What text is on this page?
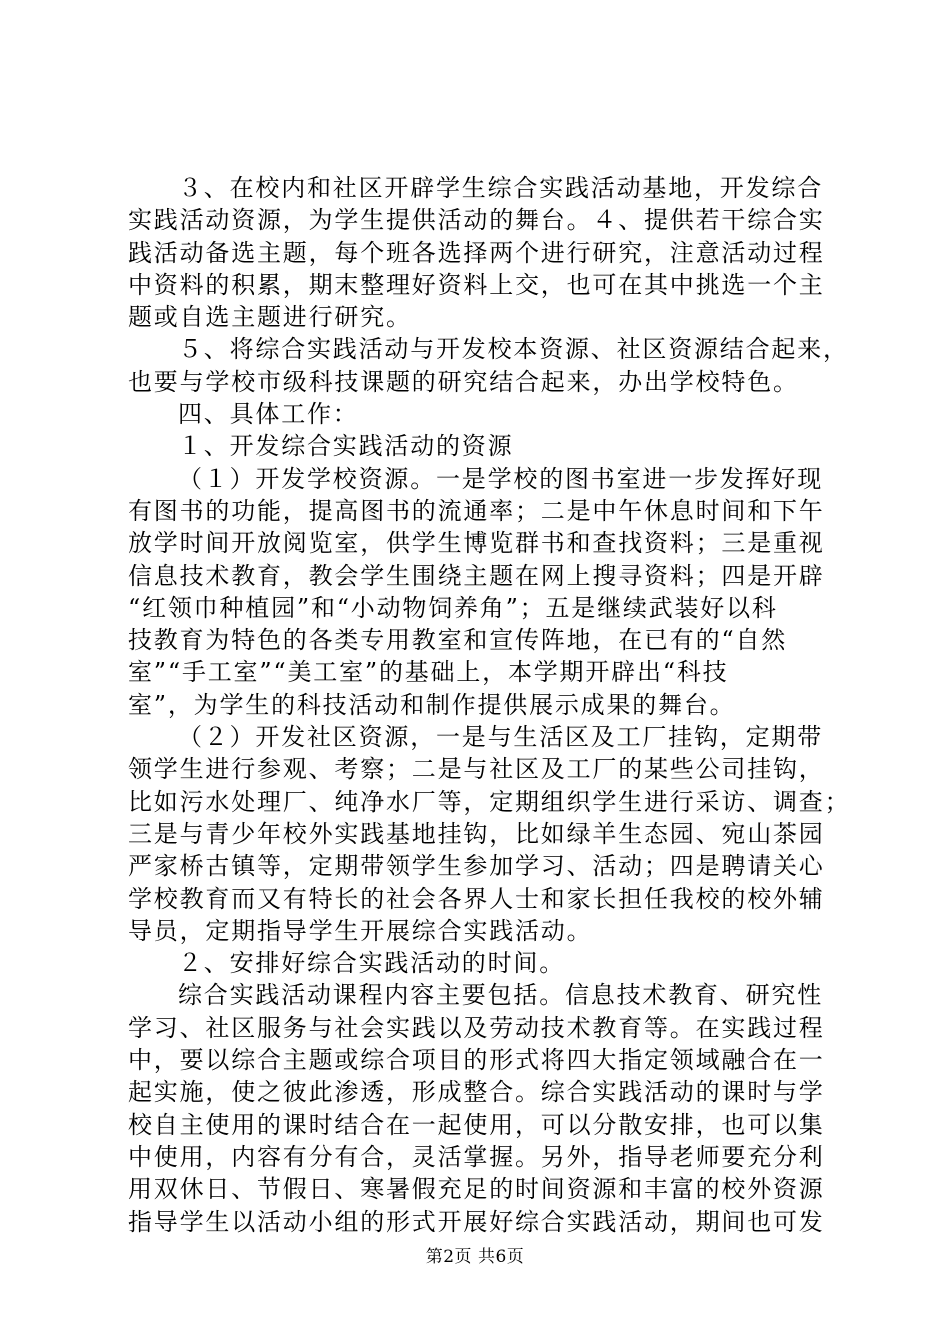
３、在校内和社区开辟学生综合实践活动基地，开发综合
实践活动资源，为学生提供活动的舞台。４、提供若干综合实
践活动备选主题，每个班各选择两个进行研究，注意活动过程
中资料的积累，期末整理好资料上交，也可在其中挑选一个主
题或自选主题进行研究。
５、将综合实践活动与开发校本资源、社区资源结合起来，
也要与学校市级科技课题的研究结合起来，办出学校特色。
四、具体工作：
１、开发综合实践活动的资源
（１）开发学校资源。一是学校的图书室进一步发挥好现
有图书的功能，提高图书的流通率；二是中午休息时间和下午
放学时间开放阅览室，供学生博览群书和查找资料；三是重视
信息技术教育，教会学生围绕主题在网上搜寻资料；四是开辟
“红领巾种植园”和“小动物饲养角”；五是继续武装好以科
技教育为特色的各类专用教室和宣传阵地，在已有的“自然
室”“手工室”“美工室”的基础上，本学期开辟出“科技
室”，为学生的科技活动和制作提供展示成果的舞台。
（２）开发社区资源，一是与生活区及工厂挂钩，定期带
领学生进行参观、考察；二是与社区及工厂的某些公司挂钩，
比如污水处理厂、纯净水厂等，定期组织学生进行采访、调查；
三是与青少年校外实践基地挂钩，比如绿羊生态园、宛山茶园
严家桥古镇等，定期带领学生参加学习、活动；四是聘请关心
学校教育而又有特长的社会各界人士和家长担任我校的校外辅
导员，定期指导学生开展综合实践活动。
２、安排好综合实践活动的时间。
综合实践活动课程内容主要包括。信息技术教育、研究性
学习、社区服务与社会实践以及劳动技术教育等。在实践过程
中，要以综合主题或综合项目的形式将四大指定领域融合在一
起实施，使之彼此渗透，形成整合。综合实践活动的课时与学
校自主使用的课时结合在一起使用，可以分散安排，也可以集
中使用，内容有分有合，灵活掌握。另外，指导老师要充分利
用双休日、节假日、寒暑假充足的时间资源和丰富的校外资源
指导学生以活动小组的形式开展好综合实践活动，期间也可发
第2页 共6页
